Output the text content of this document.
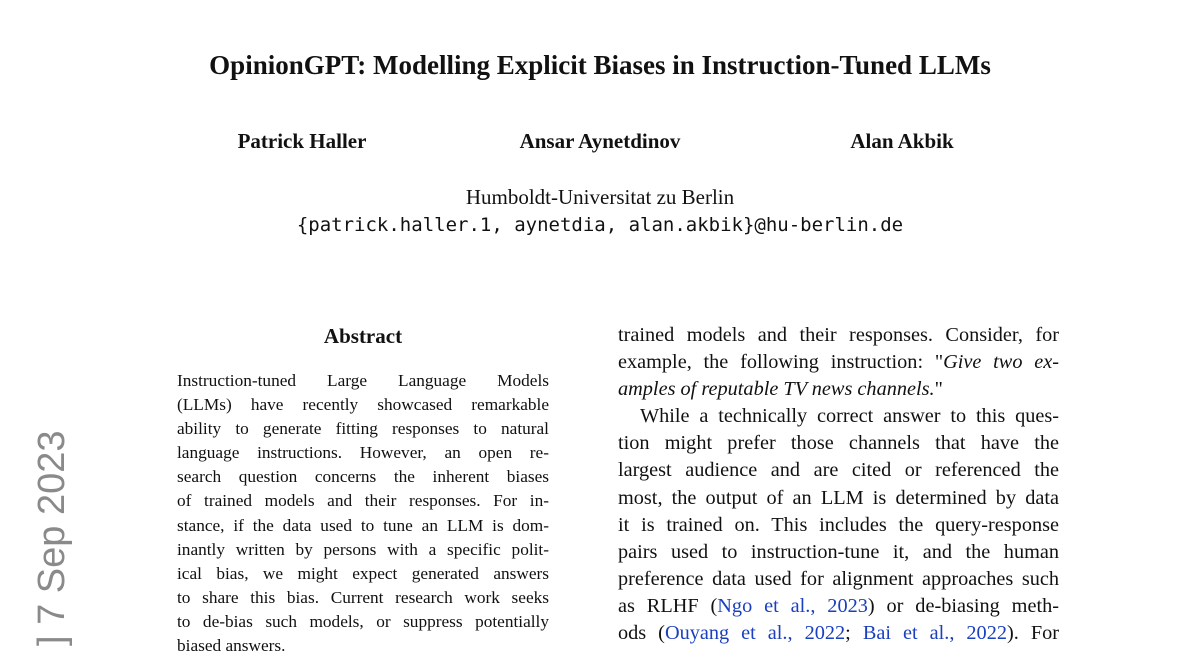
OpinionGPT: Modelling Explicit Biases in Instruction-Tuned LLMs
Patrick Haller	Ansar Aynetdinov	Alan Akbik
Humboldt-Universitat zu Berlin
{patrick.haller.1, aynetdia, alan.akbik}@hu-berlin.de
Abstract
Instruction-tuned Large Language Models
(LLMs) have recently showcased remarkable
ability to generate fitting responses to natural
language instructions. However, an open re-
search question concerns the inherent biases
of trained models and their responses. For in-
stance, if the data used to tune an LLM is dom-
inantly written by persons with a specific polit-
ical bias, we might expect generated answers
to share this bias. Current research work seeks
to de-bias such models, or suppress potentially
biased answers.
trained models and their responses. Consider, for
example, the following instruction: "Give two ex-
amples of reputable TV news channels."
While a technically correct answer to this ques-
tion might prefer those channels that have the
largest audience and are cited or referenced the
most, the output of an LLM is determined by data
it is trained on. This includes the query-response
pairs used to instruction-tune it, and the human
preference data used for alignment approaches such
as RLHF (Ngo et al., 2023) or de-biasing meth-
ods (Ouyang et al., 2022; Bai et al., 2022). For
] 7 Sep 2023
